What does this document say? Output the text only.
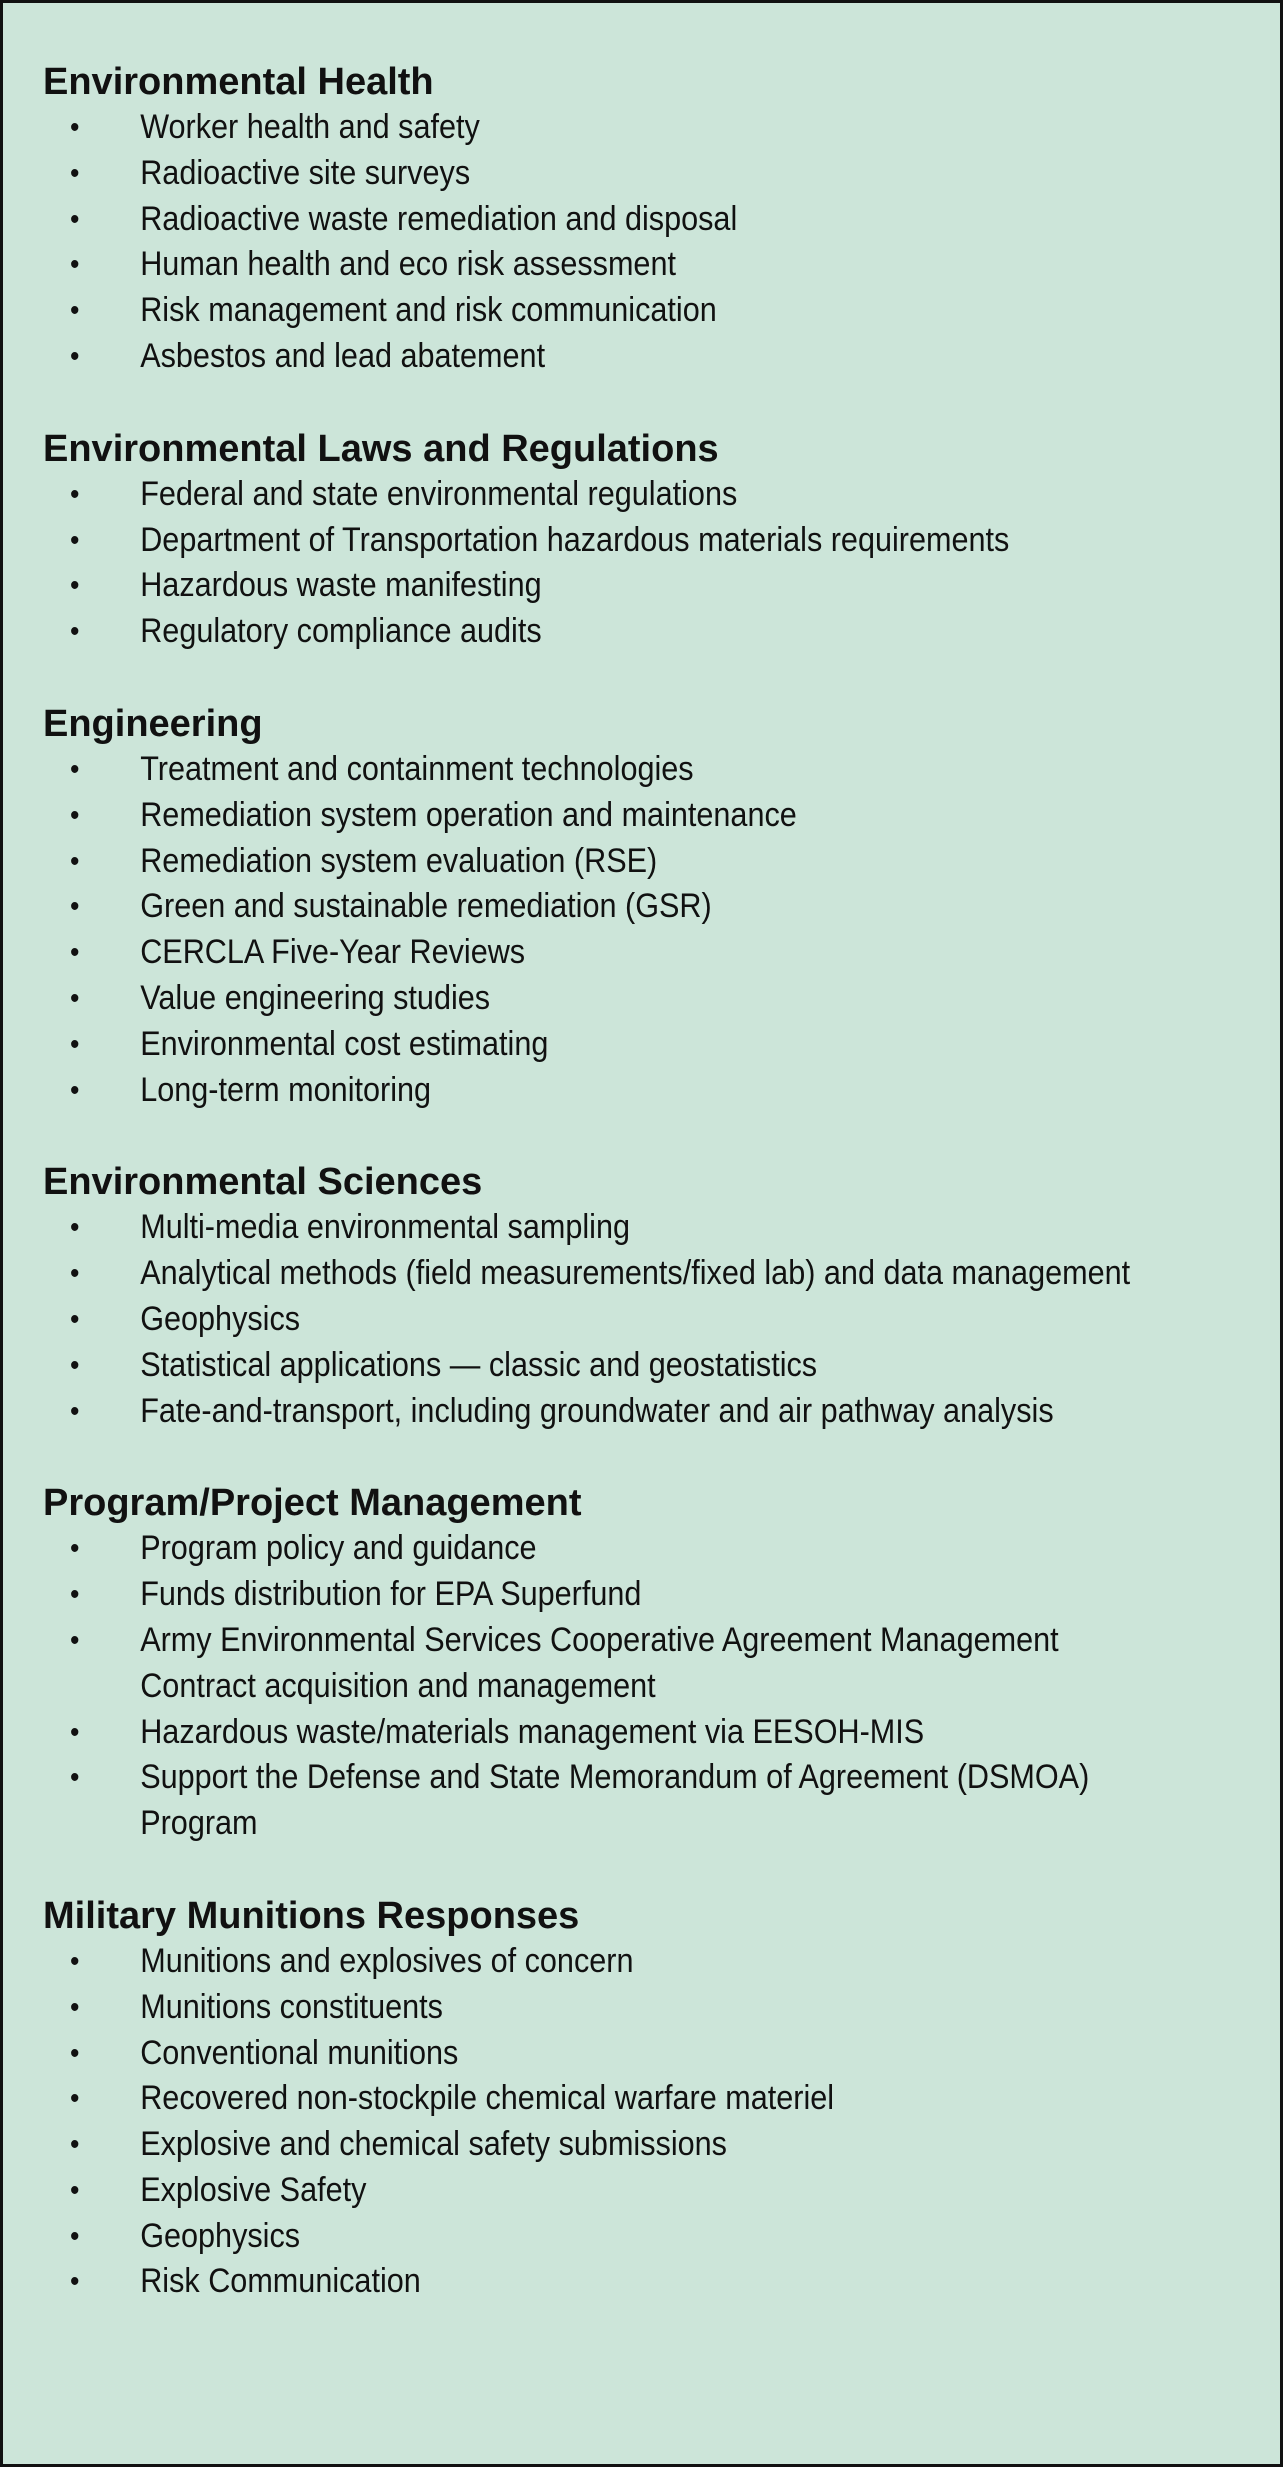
Environmental Health
• Worker health and safety
• Radioactive site surveys
• Radioactive waste remediation and disposal
• Human health and eco risk assessment
• Risk management and risk communication
• Asbestos and lead abatement
Environmental Laws and Regulations
• Federal and state environmental regulations
• Department of Transportation hazardous materials requirements
• Hazardous waste manifesting
• Regulatory compliance audits
Engineering
• Treatment and containment technologies
• Remediation system operation and maintenance
• Remediation system evaluation (RSE)
• Green and sustainable remediation (GSR)
• CERCLA Five-Year Reviews
• Value engineering studies
• Environmental cost estimating
• Long-term monitoring
Environmental Sciences
• Multi-media environmental sampling
• Analytical methods (field measurements/fixed lab) and data management
• Geophysics
• Statistical applications — classic and geostatistics
• Fate-and-transport, including groundwater and air pathway analysis
Program/Project Management
• Program policy and guidance
• Funds distribution for EPA Superfund
• Army Environmental Services Cooperative Agreement Management Contract acquisition and management
• Hazardous waste/materials management via EESOH-MIS
• Support the Defense and State Memorandum of Agreement (DSMOA) Program
Military Munitions Responses
• Munitions and explosives of concern
• Munitions constituents
• Conventional munitions
• Recovered non-stockpile chemical warfare materiel
• Explosive and chemical safety submissions
• Explosive Safety
• Geophysics
• Risk Communication
